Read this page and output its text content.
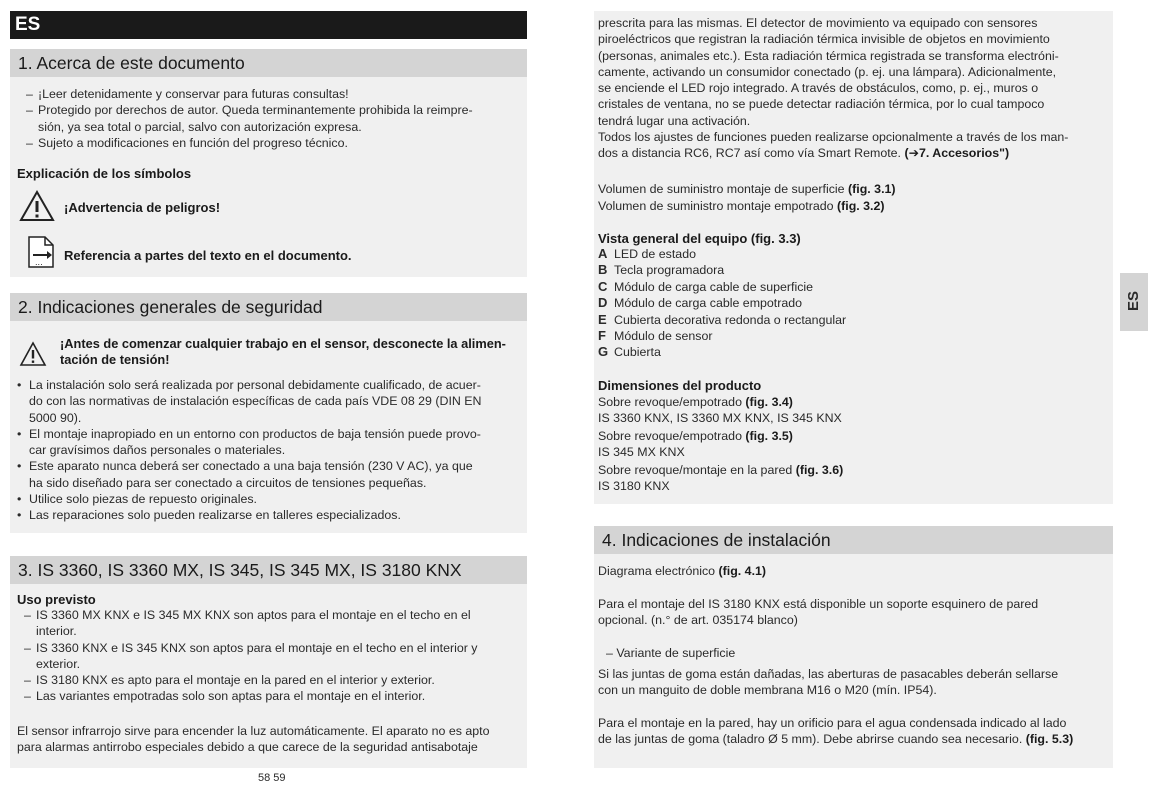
ES
1. Acerca de este documento
– ¡Leer detenidamente y conservar para futuras consultas!
– Protegido por derechos de autor. Queda terminantemente prohibida la reimpre-
sión, ya sea total o parcial, salvo con autorización expresa.
– Sujeto a modificaciones en función del progreso técnico.
Explicación de los símbolos
¡Advertencia de peligros!
... Referencia a partes del texto en el documento.
2. Indicaciones generales de seguridad
¡Antes de comenzar cualquier trabajo en el sensor, desconecte la alimen-
tación de tensión!
• La instalación solo será realizada por personal debidamente cualificado, de acuer-
do con las normativas de instalación específicas de cada país VDE 08 29 (DIN EN
5000 90).
• El montaje inapropiado en un entorno con productos de baja tensión puede provo-
car gravísimos daños personales o materiales.
• Este aparato nunca deberá ser conectado a una baja tensión (230 V AC), ya que
ha sido diseñado para ser conectado a circuitos de tensiones pequeñas.
• Utilice solo piezas de repuesto originales.
• Las reparaciones solo pueden realizarse en talleres especializados.
3. IS 3360, IS 3360 MX, IS 345, IS 345 MX, IS 3180 KNX
Uso previsto
– IS 3360 MX KNX e IS 345 MX KNX son aptos para el montaje en el techo en el
interior.
– IS 3360 KNX e IS 345 KNX son aptos para el montaje en el techo en el interior y
exterior.
– IS 3180 KNX es apto para el montaje en la pared en el interior y exterior.
– Las variantes empotradas solo son aptas para el montaje en el interior.
El sensor infrarrojo sirve para encender la luz automáticamente. El aparato no es apto
para alarmas antirrobo especiales debido a que carece de la seguridad antisabotaje
58 59
prescrita para las mismas. El detector de movimiento va equipado con sensores
piroeléctricos que registran la radiación térmica invisible de objetos en movimiento
(personas, animales etc.). Esta radiación térmica registrada se transforma electróni-
camente, activando un consumidor conectado (p. ej. una lámpara). Adicionalmente,
se enciende el LED rojo integrado. A través de obstáculos, como, p. ej., muros o
cristales de ventana, no se puede detectar radiación térmica, por lo cual tampoco
tendrá lugar una activación.
Todos los ajustes de funciones pueden realizarse opcionalmente a través de los man-
dos a distancia RC6, RC7 así como vía Smart Remote. (➔7. Accesorios")
Volumen de suministro montaje de superficie (fig. 3.1)
Volumen de suministro montaje empotrado (fig. 3.2)
Vista general del equipo (fig. 3.3)
A LED de estado
B Tecla programadora
C Módulo de carga cable de superficie
D Módulo de carga cable empotrado
E Cubierta decorativa redonda o rectangular
F Módulo de sensor
G Cubierta
Dimensiones del producto
Sobre revoque/empotrado (fig. 3.4)
IS 3360 KNX, IS 3360 MX KNX, IS 345 KNX
Sobre revoque/empotrado (fig. 3.5)
IS 345 MX KNX
Sobre revoque/montaje en la pared (fig. 3.6)
IS 3180 KNX
4. Indicaciones de instalación
Diagrama electrónico (fig. 4.1)
Para el montaje del IS 3180 KNX está disponible un soporte esquinero de pared
opcional. (n.° de art. 035174 blanco)
– Variante de superficie
Si las juntas de goma están dañadas, las aberturas de pasacables deberán sellarse
con un manguito de doble membrana M16 o M20 (mín. IP54).
Para el montaje en la pared, hay un orificio para el agua condensada indicado al lado
de las juntas de goma (taladro Ø 5 mm). Debe abrirse cuando sea necesario. (fig. 5.3)
ES
